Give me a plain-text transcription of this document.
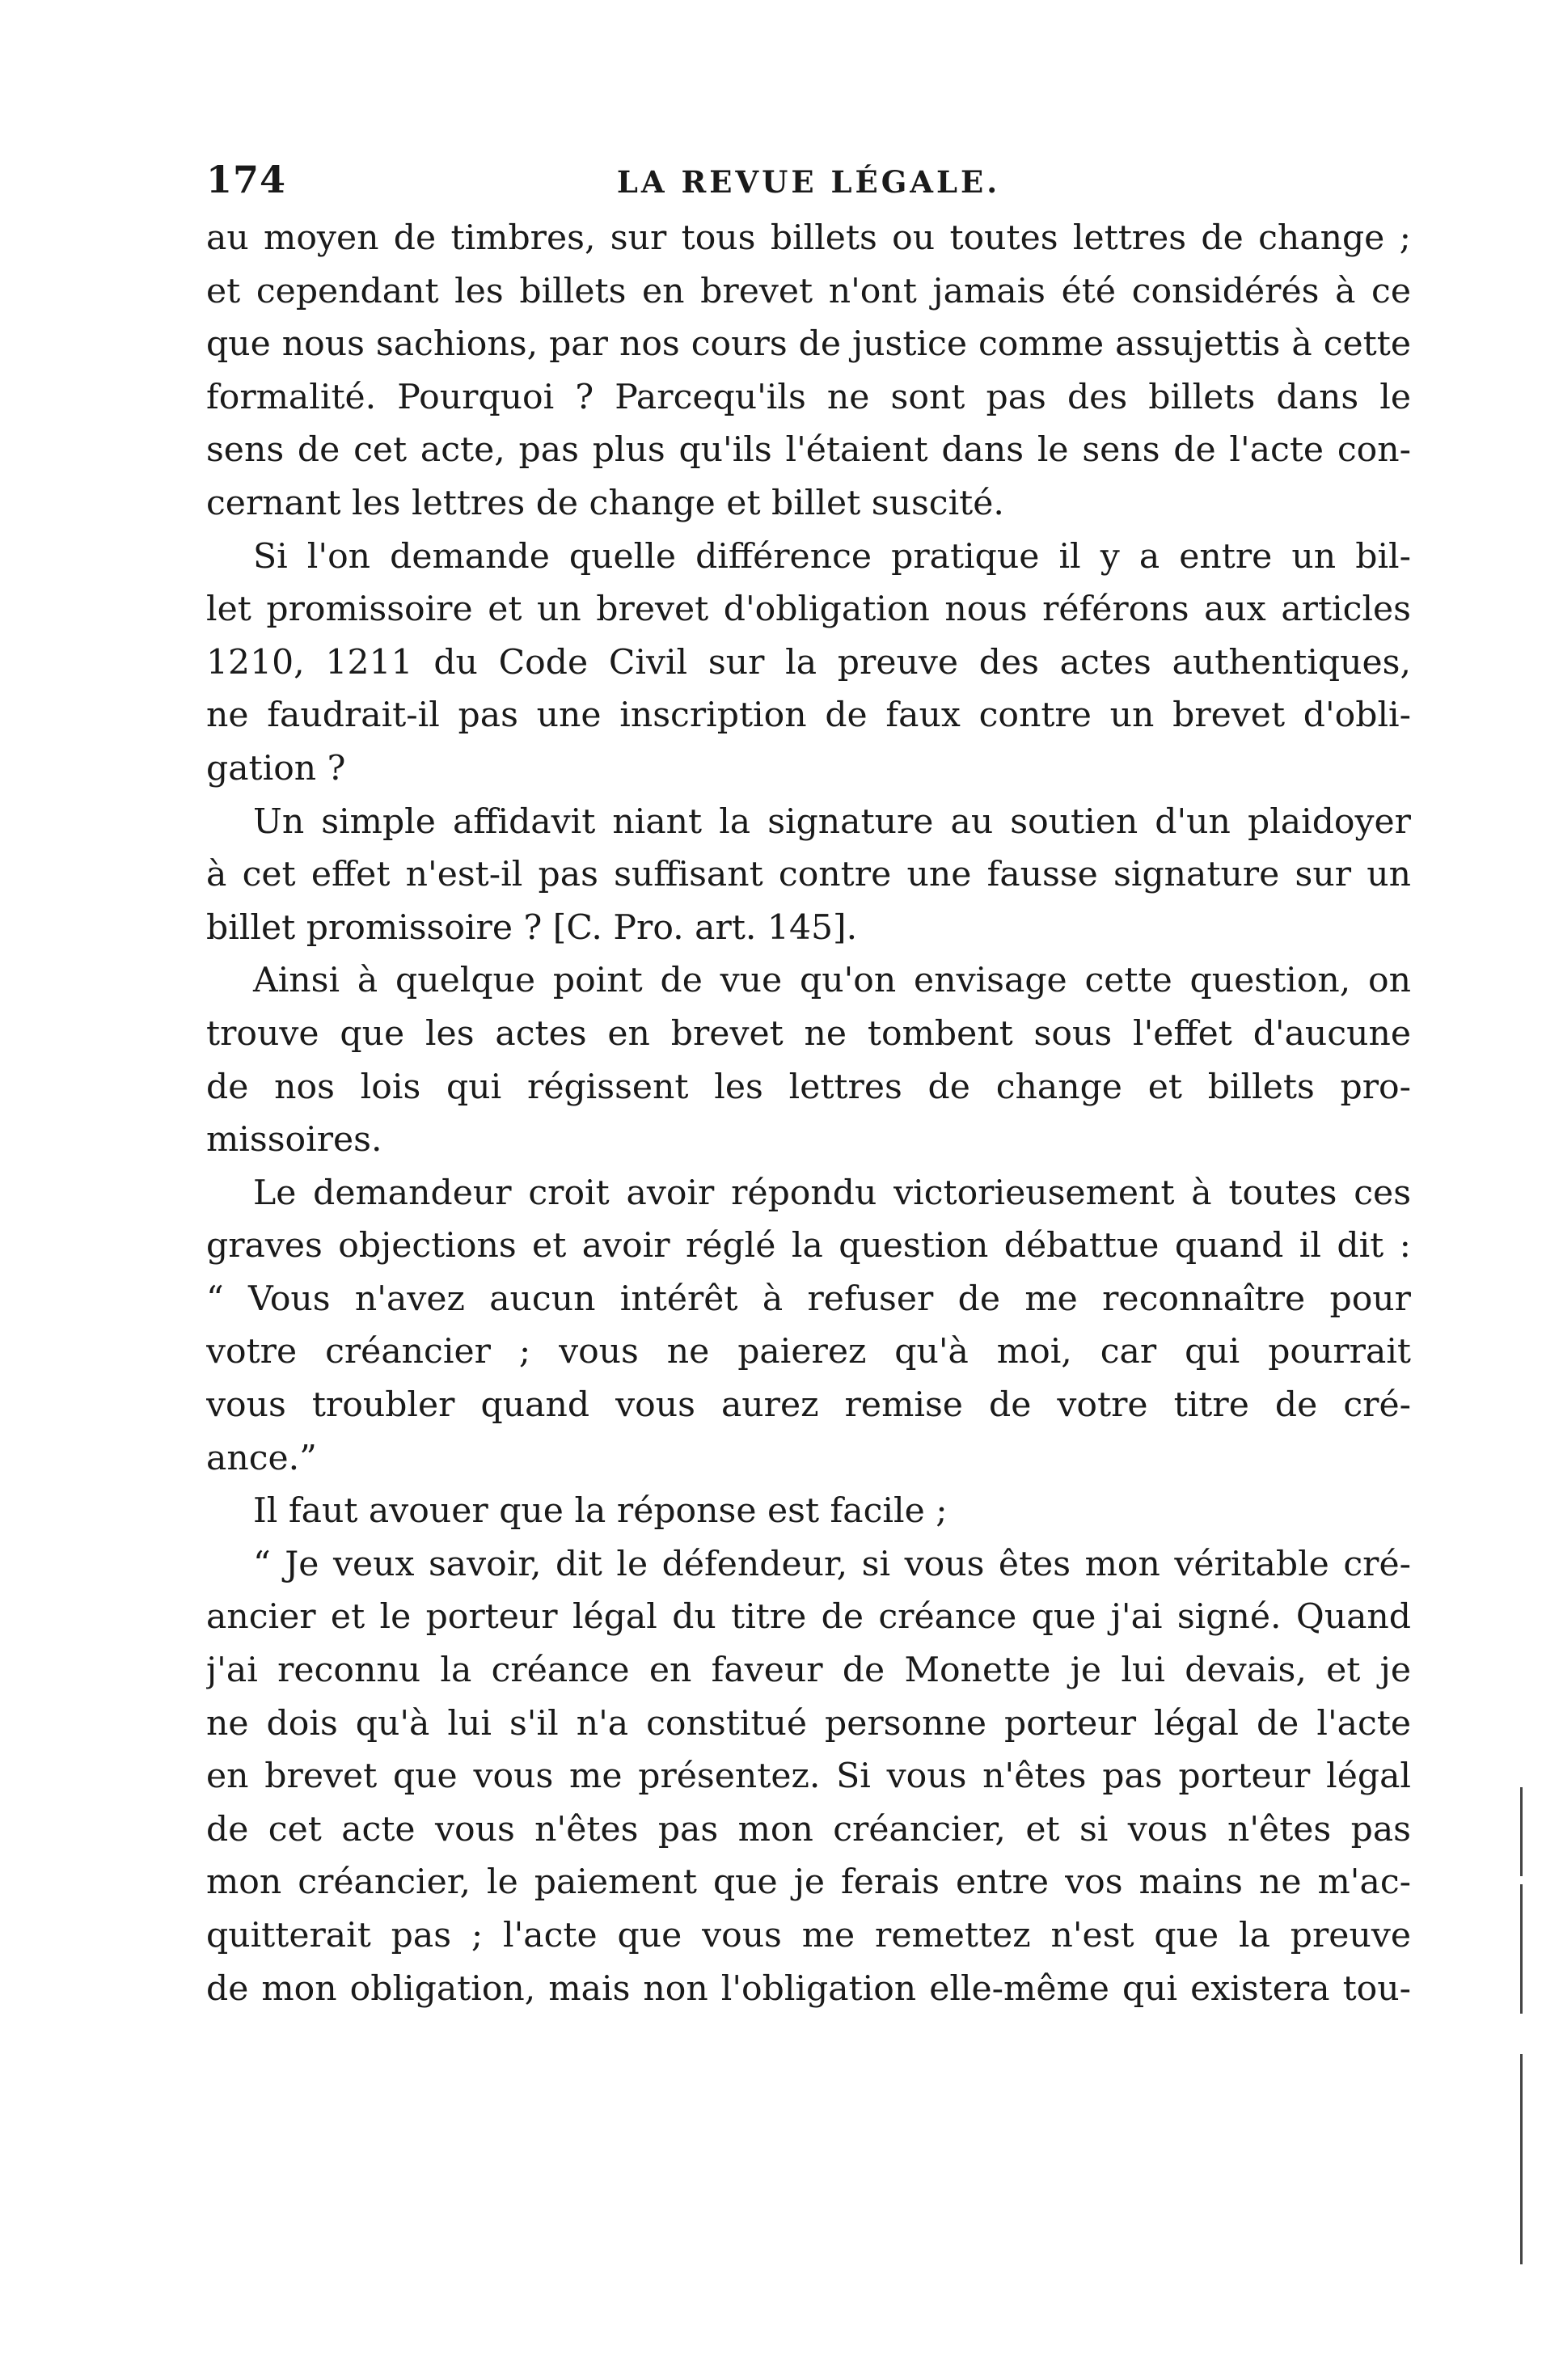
174	LA REVUE LÉGALE.
au moyen de timbres, sur tous billets ou toutes lettres de change ;
et cependant les billets en brevet n'ont jamais été considérés à ce
que nous sachions, par nos cours de justice comme assujettis à cette
formalité. Pourquoi ? Parcequ'ils ne sont pas des billets dans le
sens de cet acte, pas plus qu'ils l'étaient dans le sens de l'acte con-
cernant les lettres de change et billet suscité.
Si l'on demande quelle différence pratique il y a entre un bil-
let promissoire et un brevet d'obligation nous référons aux articles
1210, 1211 du Code Civil sur la preuve des actes authentiques,
ne faudrait-il pas une inscription de faux contre un brevet d'obli-
gation ?
Un simple affidavit niant la signature au soutien d'un plaidoyer
à cet effet n'est-il pas suffisant contre une fausse signature sur un
billet promissoire ? [C. Pro. art. 145].
Ainsi à quelque point de vue qu'on envisage cette question, on
trouve que les actes en brevet ne tombent sous l'effet d'aucune
de nos lois qui régissent les lettres de change et billets pro-
missoires.
Le demandeur croit avoir répondu victorieusement à toutes ces
graves objections et avoir réglé la question débattue quand il dit :
“ Vous n'avez aucun intérêt à refuser de me reconnaître pour
votre créancier ; vous ne paierez qu'à moi, car qui pourrait
vous troubler quand vous aurez remise de votre titre de cré-
ance.”
Il faut avouer que la réponse est facile ;
“ Je veux savoir, dit le défendeur, si vous êtes mon véritable cré-
ancier et le porteur légal du titre de créance que j'ai signé. Quand
j'ai reconnu la créance en faveur de Monette je lui devais, et je
ne dois qu'à lui s'il n'a constitué personne porteur légal de l'acte
en brevet que vous me présentez. Si vous n'êtes pas porteur légal
de cet acte vous n'êtes pas mon créancier, et si vous n'êtes pas
mon créancier, le paiement que je ferais entre vos mains ne m'ac-
quitterait pas ; l'acte que vous me remettez n'est que la preuve
de mon obligation, mais non l'obligation elle-même qui existera tou-
